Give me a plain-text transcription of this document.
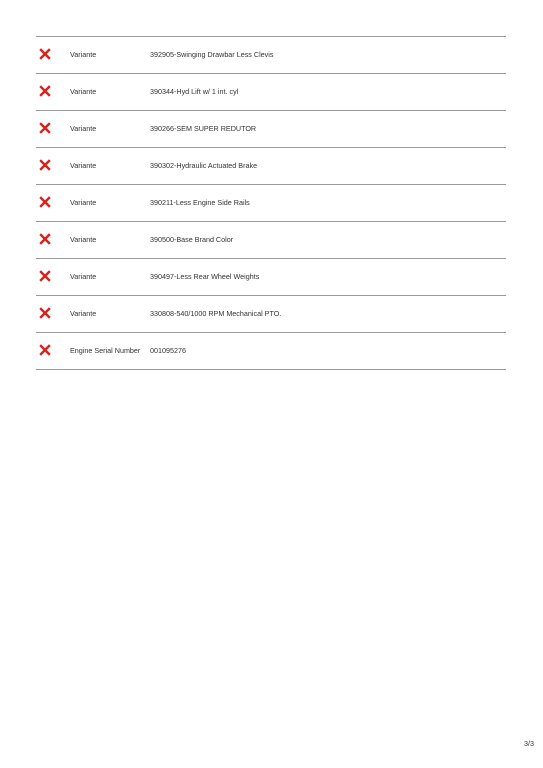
Variante	392905-Swinging Drawbar Less Clevis
Variante	390344-Hyd Lift w/ 1 int. cyl
Variante	390266-SEM SUPER REDUTOR
Variante	390302-Hydraulic Actuated Brake
Variante	390211-Less Engine Side Rails
Variante	390500-Base Brand Color
Variante	390497-Less Rear Wheel Weights
Variante	330808-540/1000 RPM Mechanical PTO.
Engine Serial Number 001095276
3/3
